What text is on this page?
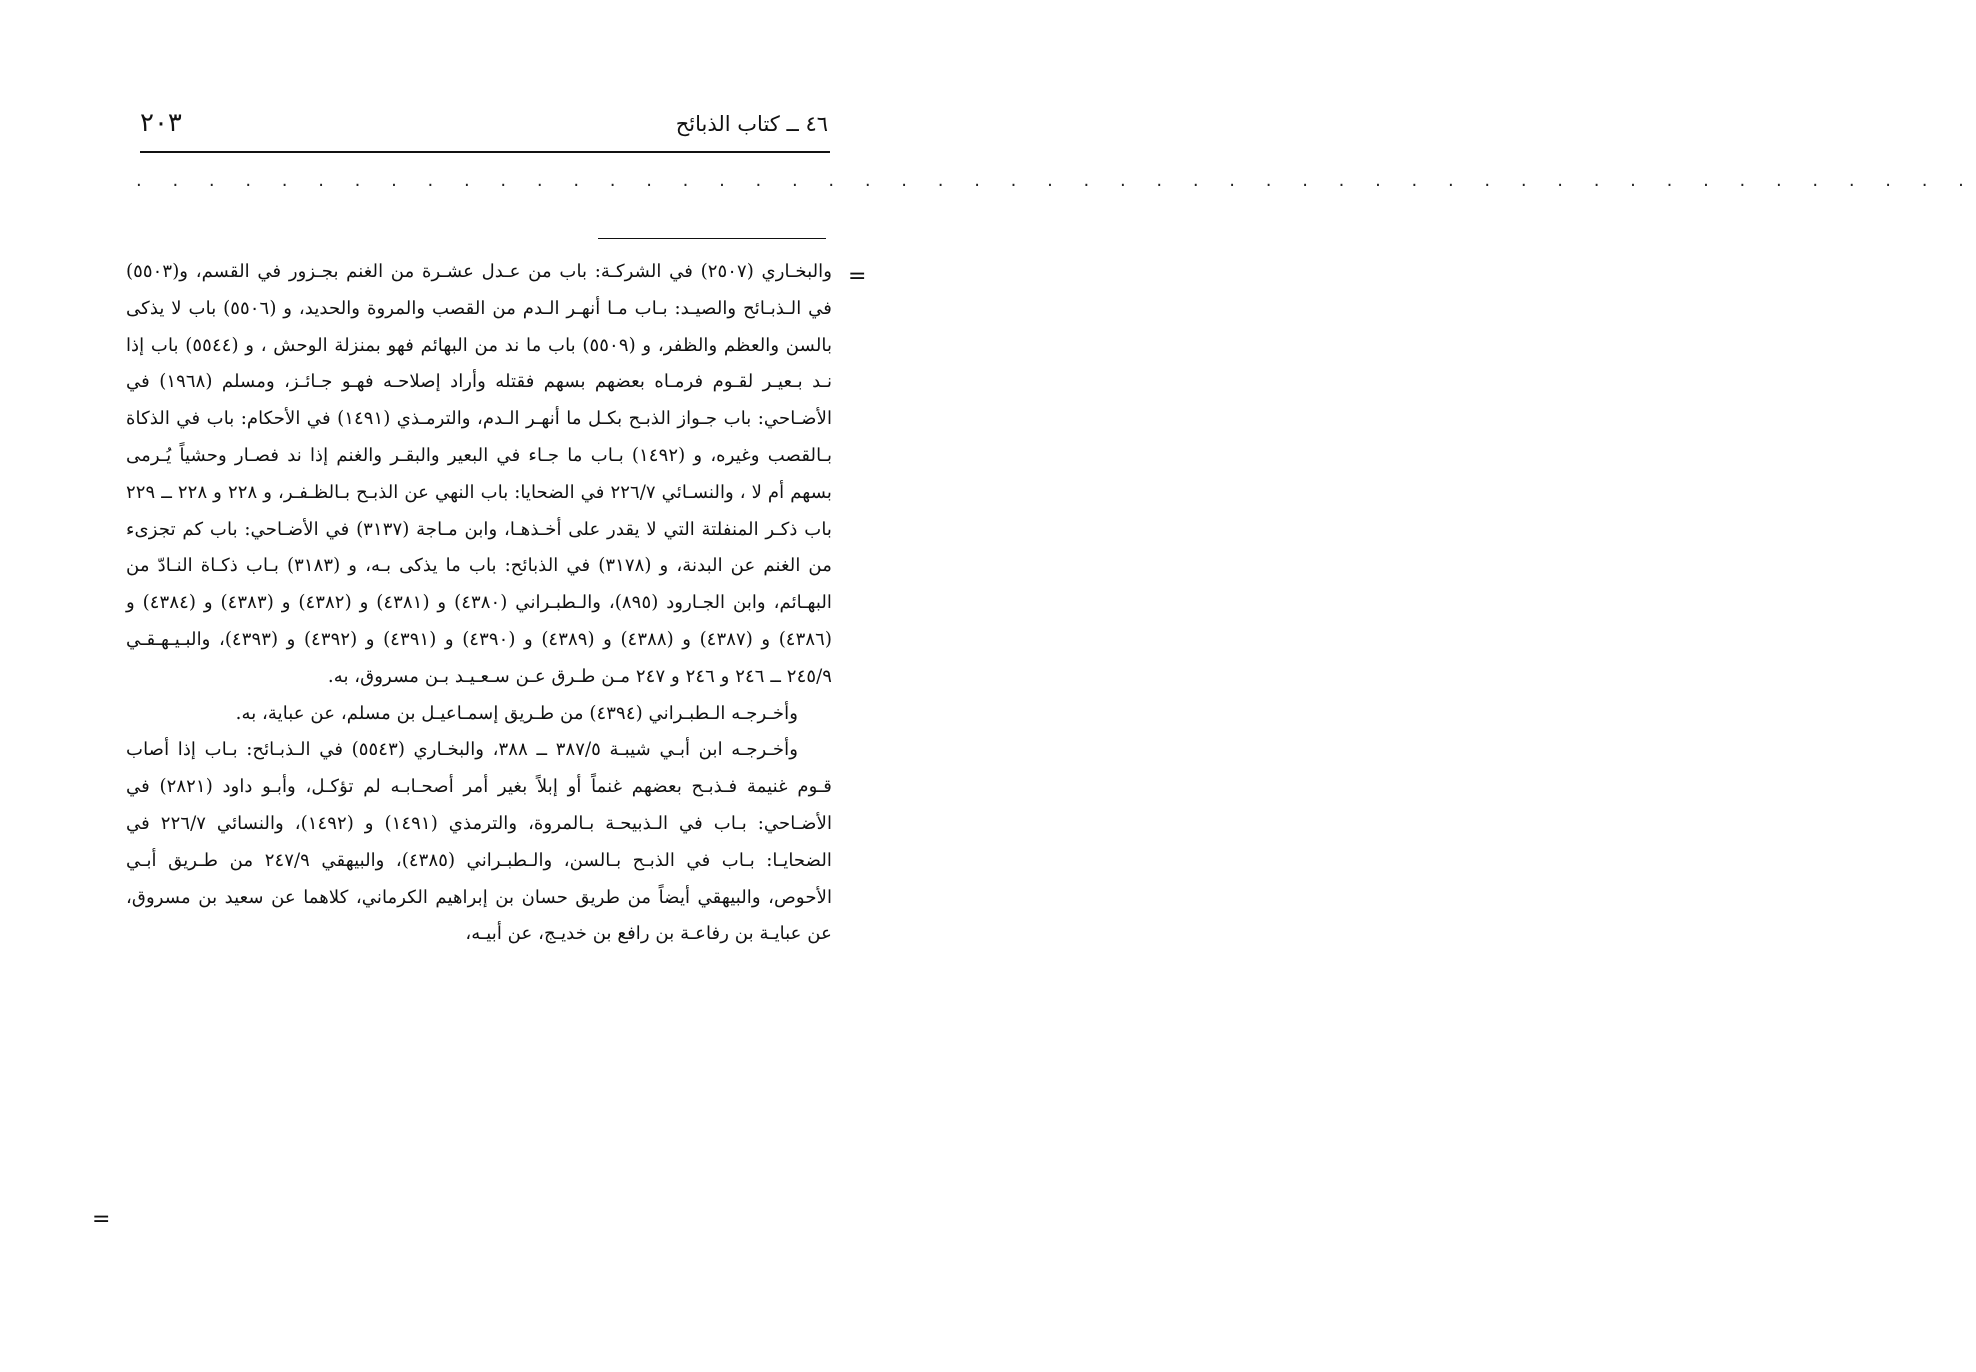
٤٦ ــ كتاب الذبائح
٢٠٣
. . . . . . . . . . . . . . . . . . . . . . . . . . . . . . . . . . . . . . . . . . . . . . . . . . .
=

والبخـاري (٢٥٠٧) في الشركـة: باب من عـدل عشـرة من الغنم بجـزور في القسم، و(٥٥٠٣) في الـذبـائح والصيـد: بـاب مـا أنهـر الـدم من القصب والمروة والحديد، و (٥٥٠٦) باب لا يذكى بالسن والعظم والظفر، و (٥٥٠٩) باب ما ند من البهائم فهو بمنزلة الوحش ، و (٥٥٤٤) باب إذا نـد بـعيـر لقـوم فرمـاه بعضهم بسهم فقتله وأراد إصلاحـه فهـو جـائـز، ومسلم (١٩٦٨) في الأضـاحي: باب جـواز الذبـح بكـل ما أنهـر الـدم، والترمـذي (١٤٩١) في الأحكام: باب في الذكاة بـالقصب وغيره، و (١٤٩٢) بـاب ما جـاء في البعير والبقـر والغنم إذا ند فصـار وحشياً يُـرمى بسهم أم لا ، والنسـائي ٢٢٦/٧ في الضحايا: باب النهي عن الذبـح بـالظـفـر، و ٢٢٨ و ٢٢٨ ــ ٢٢٩ باب ذكـر المنفلتة التي لا يقدر على أخـذهـا، وابن مـاجة (٣١٣٧) في الأضـاحي: باب كم تجزىء من الغنم عن البدنة، و (٣١٧٨) في الذبائح: باب ما يذكى بـه، و (٣١٨٣) بـاب ذكـاة النـادّ من البهـائم، وابن الجـارود (٨٩٥)، والـطبـراني (٤٣٨٠) و (٤٣٨١) و (٤٣٨٢) و (٤٣٨٣) و (٤٣٨٤) و (٤٣٨٦) و (٤٣٨٧) و (٤٣٨٨) و (٤٣٨٩) و (٤٣٩٠) و (٤٣٩١) و (٤٣٩٢) و (٤٣٩٣)، والبـيـهـقـي ٢٤٥/٩ ــ ٢٤٦ و ٢٤٦ و ٢٤٧ مـن طـرق عـن سـعـيـد بـن مسروق، به.

وأخـرجـه الـطبـراني (٤٣٩٤) من طـريق إسمـاعيـل بن مسلم، عن عباية، به.

وأخـرجـه ابن أبـي شيبـة ٣٨٧/٥ ــ ٣٨٨، والبخـاري (٥٥٤٣) في الـذبـائح: بـاب إذا أصاب قـوم غنيمة فـذبـح بعضهم غنماً أو إبلاً بغير أمر أصحـابـه لم تؤكـل، وأبـو داود (٢٨٢١) في الأضـاحي: بـاب في الـذبيحـة بـالمروة، والترمذي (١٤٩١) و (١٤٩٢)، والنسائي ٢٢٦/٧ في الضحايـا: بـاب في الذبـح بـالسن، والـطبـراني (٤٣٨٥)، والبيهقي ٢٤٧/٩ من طـريق أبـي الأحوص، والبيهقي أيضاً من طريق حسان بن إبراهيم الكرماني، كلاهما عن سعيد بن مسروق، عن عبايـة بن رفاعـة بن رافع بن خديـج، عن أبيـه،

=
